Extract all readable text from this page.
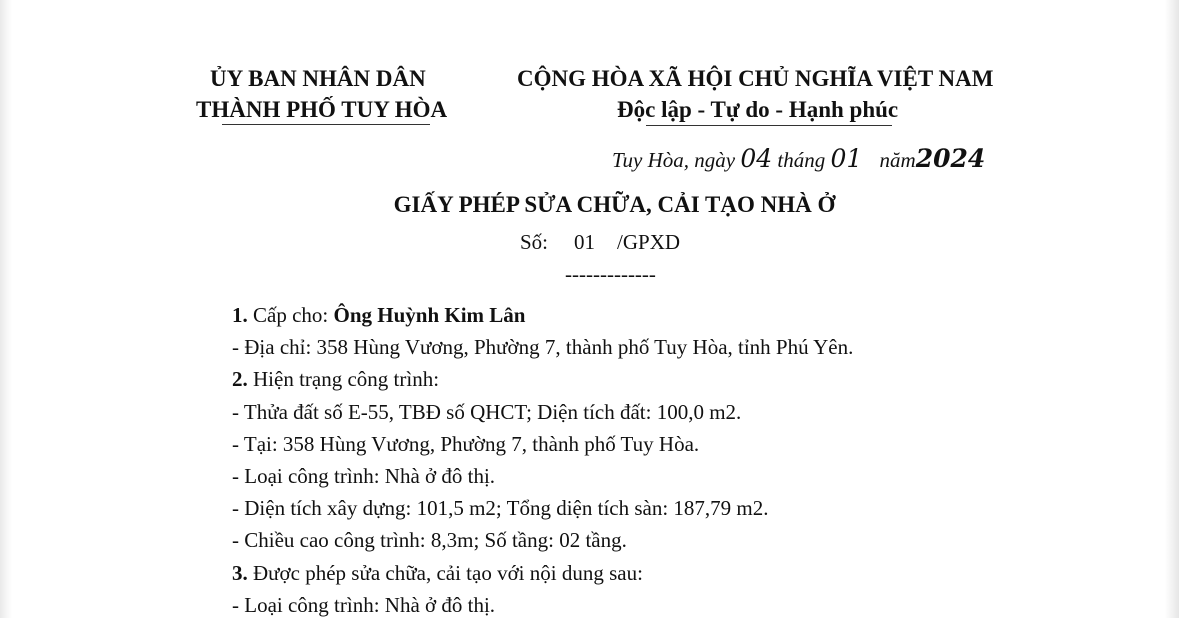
ỦY BAN NHÂN DÂN
THÀNH PHỐ TUY HÒA
CỘNG HÒA XÃ HỘI CHỦ NGHĨA VIỆT NAM
Độc lập - Tự do - Hạnh phúc
Tuy Hòa, ngày 04 tháng 01 năm2024
GIẤY PHÉP SỬA CHỮA, CẢI TẠO NHÀ Ở
Số: 01 /GPXD
-------------
1. Cấp cho: Ông Huỳnh Kim Lân
- Địa chỉ: 358 Hùng Vương, Phường 7, thành phố Tuy Hòa, tỉnh Phú Yên.
2. Hiện trạng công trình:
- Thửa đất số E-55, TBĐ số QHCT; Diện tích đất: 100,0 m2.
- Tại: 358 Hùng Vương, Phường 7, thành phố Tuy Hòa.
- Loại công trình: Nhà ở đô thị.
- Diện tích xây dựng: 101,5 m2; Tổng diện tích sàn: 187,79 m2.
- Chiều cao công trình: 8,3m; Số tầng: 02 tầng.
3. Được phép sửa chữa, cải tạo với nội dung sau:
- Loại công trình: Nhà ở đô thị.
